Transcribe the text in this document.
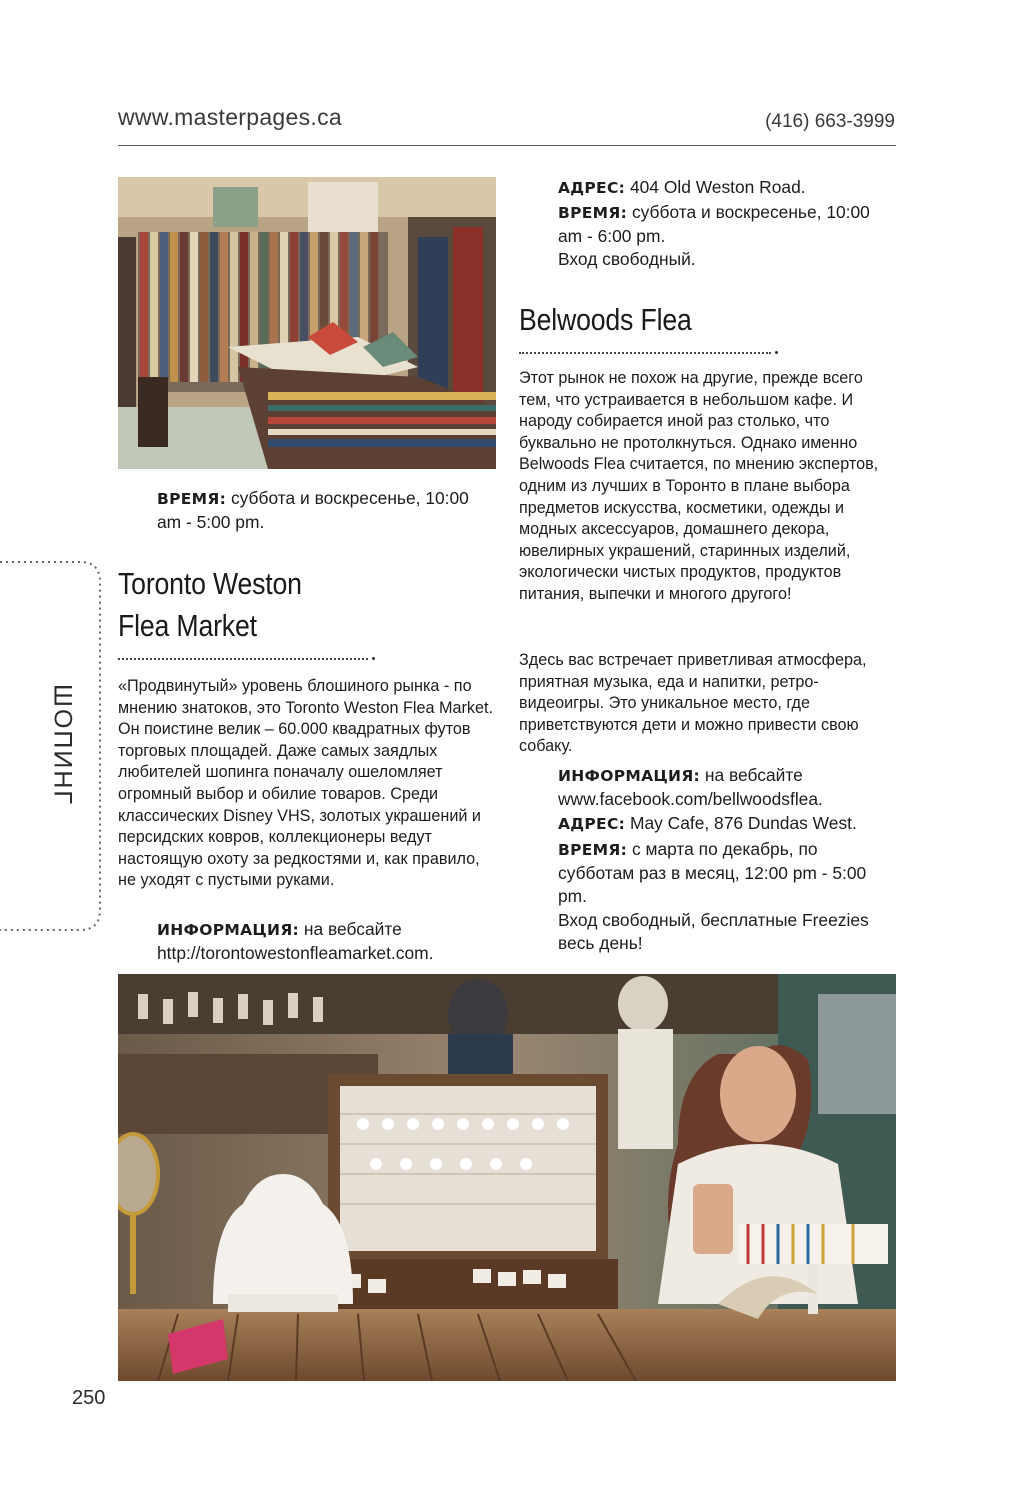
www.masterpages.ca	(416) 663-3999
ВРЕМЯ: суббота и воскресенье, 10:00 am - 5:00 pm.
ШОПИНГ
Toronto Weston
Flea Market
«Продвинутый» уровень блошиного рынка - по мнению знатоков, это Toronto Weston Flea Market. Он поистине велик – 60.000 квадратных футов торговых площадей. Даже самых заядлых любителей шопинга поначалу ошеломляет огромный выбор и обилие товаров. Среди классических Disney VHS, золотых украшений и персидских ковров, коллекционеры ведут настоящую охоту за редкостями и, как правило, не уходят с пустыми руками.
ИНФОРМАЦИЯ: на вебсайте http://torontowestonfleamarket.com.
АДРЕС: 404 Old Weston Road.
ВРЕМЯ: суббота и воскресенье, 10:00 am - 6:00 pm.
Вход свободный.
Belwoods Flea
Этот рынок не похож на другие, прежде всего тем, что устраивается в небольшом кафе. И народу собирается иной раз столько, что буквально не протолкнуться. Однако именно Belwoods Flea считается, по мнению экспертов, одним из лучших в Торонто в плане выбора предметов искусства, косметики, одежды и модных аксессуаров, домашнего декора, ювелирных украшений, старинных изделий, экологически чистых продуктов, продуктов питания, выпечки и многого другого!
Здесь вас встречает приветливая атмосфера, приятная музыка, еда и напитки, ретро-видеоигры. Это уникальное место, где приветствуются дети и можно привести свою собаку.
ИНФОРМАЦИЯ: на вебсайте www.facebook.com/bellwoodsflea.
АДРЕС: May Cafe, 876 Dundas West.
ВРЕМЯ: с марта по декабрь, по субботам раз в месяц, 12:00 pm - 5:00 pm.
Вход свободный, бесплатные Freezies весь день!
250
